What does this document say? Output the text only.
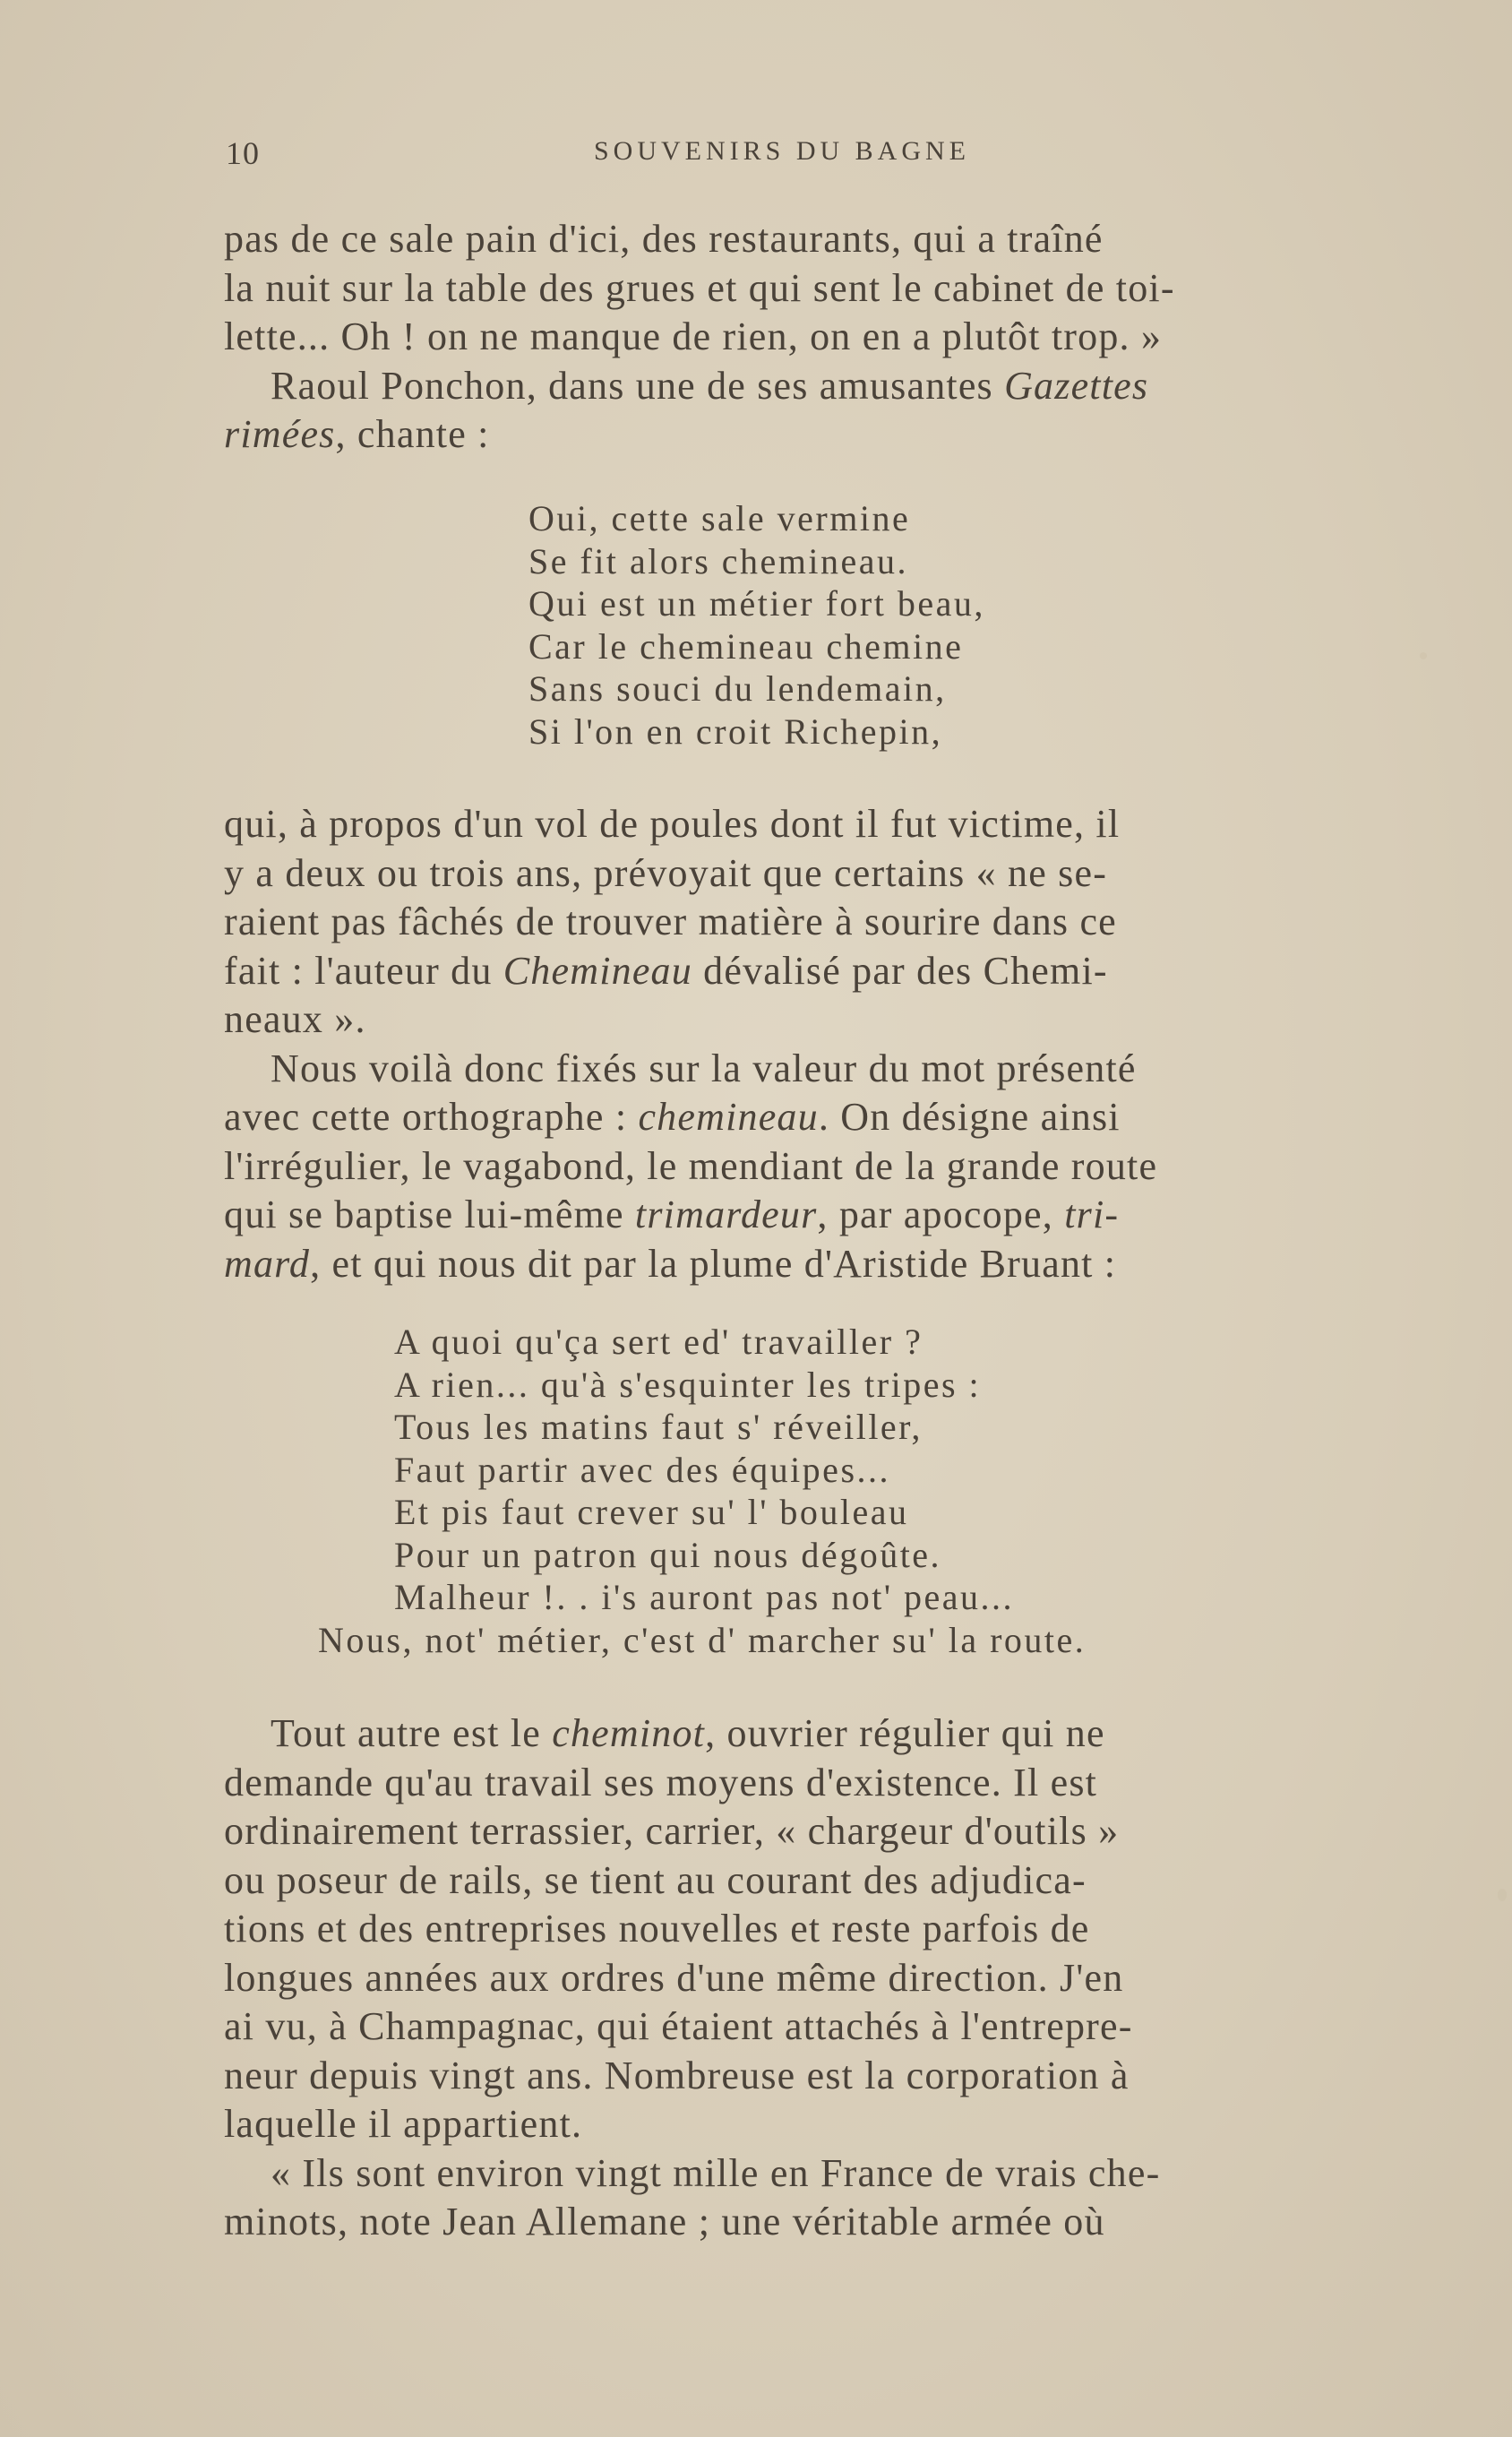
10	SOUVENIRS DU BAGNE

pas de ce sale pain d'ici, des restaurants, qui a traîné

la nuit sur la table des grues et qui sent le cabinet de toi-

lette... Oh ! on ne manque de rien, on en a plutôt trop. »

Raoul Ponchon, dans une de ses amusantes Gazettes

rimées, chante :

Oui, cette sale vermine
Se fit alors chemineau.
Qui est un métier fort beau,
Car le chemineau chemine
Sans souci du lendemain,
Si l'on en croit Richepin,

qui, à propos d'un vol de poules dont il fut victime, il

y a deux ou trois ans, prévoyait que certains « ne se-

raient pas fâchés de trouver matière à sourire dans ce

fait : l'auteur du Chemineau dévalisé par des Chemi-

neaux ».

Nous voilà donc fixés sur la valeur du mot présenté

avec cette orthographe : chemineau. On désigne ainsi

l'irrégulier, le vagabond, le mendiant de la grande route

qui se baptise lui-même trimardeur, par apocope, tri-

mard, et qui nous dit par la plume d'Aristide Bruant :

A quoi qu'ça sert ed' travailler ?
A rien... qu'à s'esquinter les tripes :
Tous les matins faut s' réveiller,
Faut partir avec des équipes...
Et pis faut crever su' l' bouleau
Pour un patron qui nous dégoûte.
Malheur !. . i's auront pas not' peau...
Nous, not' métier, c'est d' marcher su' la route.

Tout autre est le cheminot, ouvrier régulier qui ne

demande qu'au travail ses moyens d'existence. Il est

ordinairement terrassier, carrier, « chargeur d'outils »

ou poseur de rails, se tient au courant des adjudica-

tions et des entreprises nouvelles et reste parfois de

longues années aux ordres d'une même direction. J'en

ai vu, à Champagnac, qui étaient attachés à l'entrepre-

neur depuis vingt ans. Nombreuse est la corporation à

laquelle il appartient.

« Ils sont environ vingt mille en France de vrais che-

minots, note Jean Allemane ; une véritable armée où
